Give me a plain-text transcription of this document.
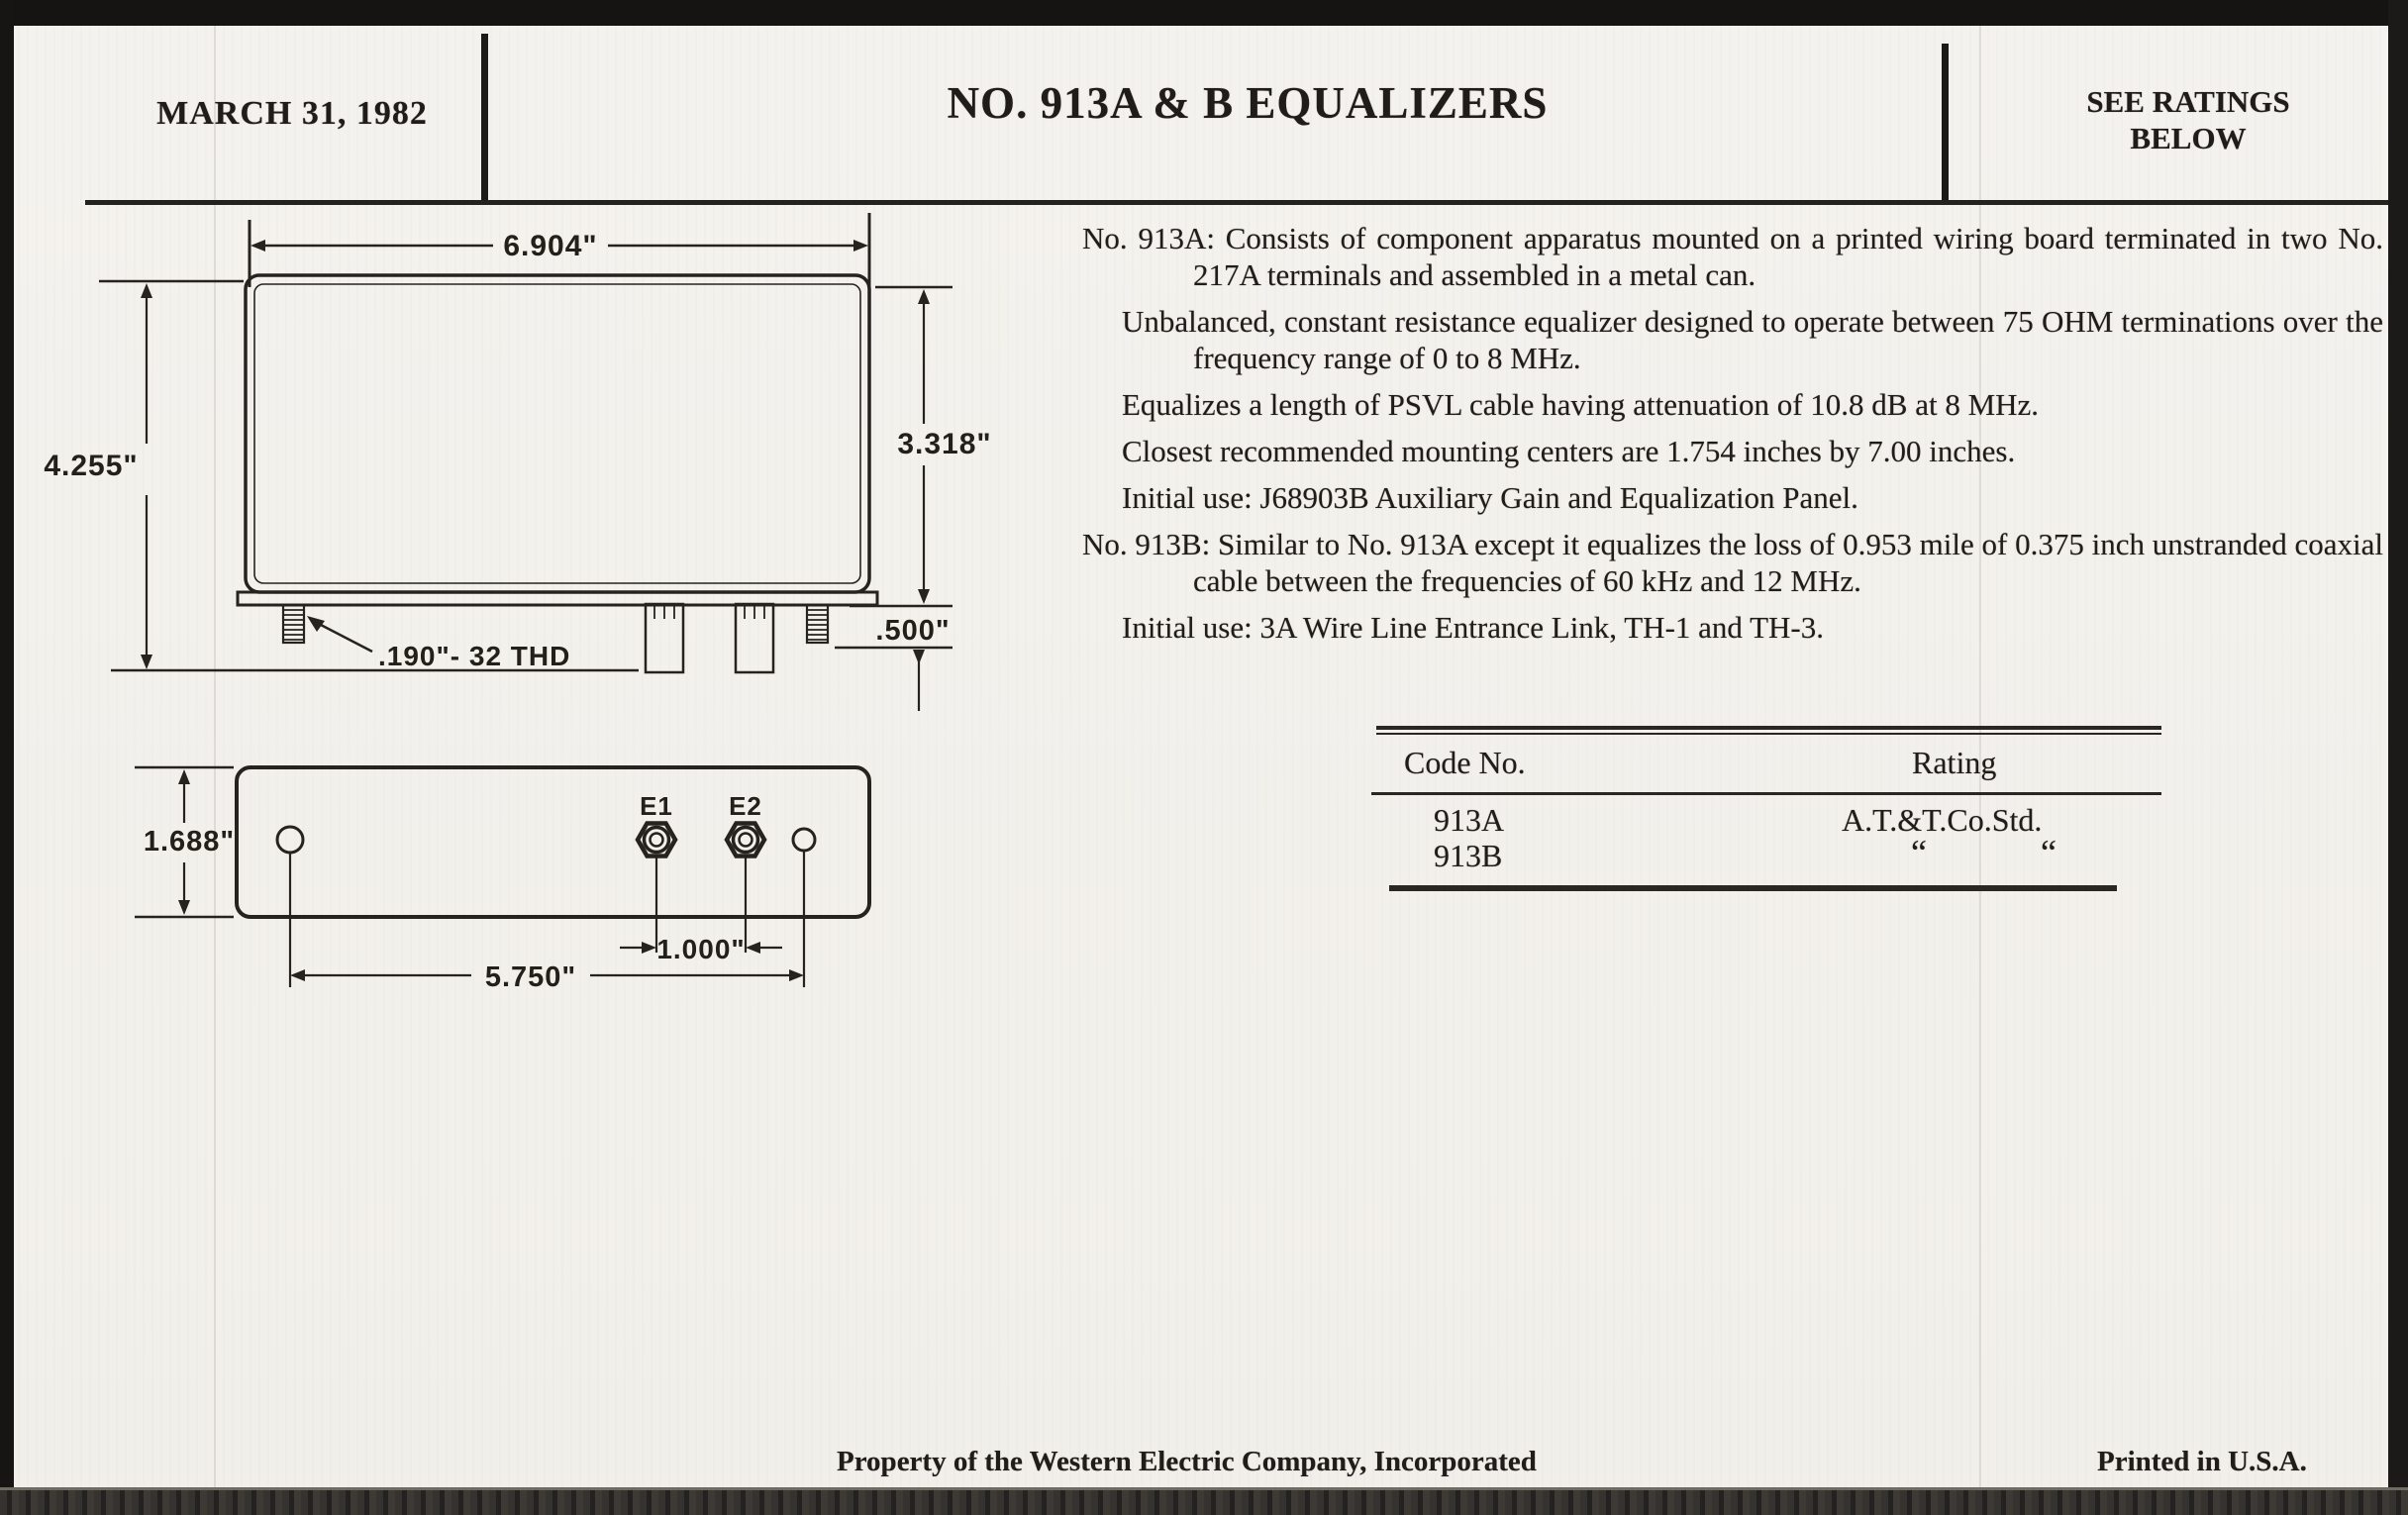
MARCH 31, 1982	NO. 913A & B EQUALIZERS	SEE RATINGS
BELOW

No. 913A: Consists of component apparatus mounted on a printed wiring board terminated in two No. 217A terminals and assembled in a metal can.

Unbalanced, constant resistance equalizer designed to operate between 75 OHM terminations over the frequency range of 0 to 8 MHz.

Equalizes a length of PSVL cable having attenuation of 10.8 dB at 8 MHz.

Closest recommended mounting centers are 1.754 inches by 7.00 inches.

Initial use: J68903B Auxiliary Gain and Equalization Panel.

No. 913B: Similar to No. 913A except it equalizes the loss of 0.953 mile of 0.375 inch unstranded coaxial cable between the frequencies of 60 kHz and 12 MHz.

Initial use: 3A Wire Line Entrance Link, TH-1 and TH-3.

Code No.	Rating
913A	A.T.&T.Co.Std.
913B	“	“
6.904"
4.255"
3.318"
.500"
.190"- 32 THD
1.688"
E1 E2
1.000"
5.750"
Property of the Western Electric Company, Incorporated	Printed in U.S.A.
